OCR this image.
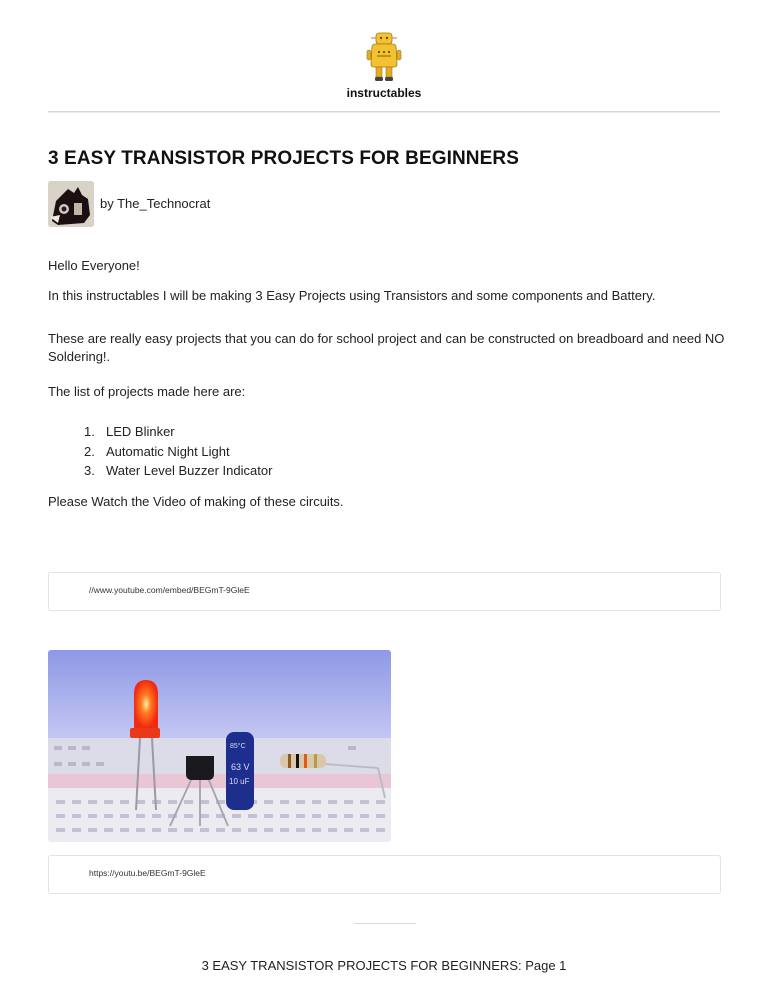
instructables
3 EASY TRANSISTOR PROJECTS FOR BEGINNERS
by The_Technocrat

Hello Everyone!

In this instructables I will be making 3 Easy Projects using Transistors and some components and Battery.

These are really easy projects that you can do for school project and can be constructed on breadboard and need NO Soldering!.

The list of projects made here are:

1. LED Blinker
2. Automatic Night Light
3. Water Level Buzzer Indicator

Please Watch the Video of making of these circuits.

//www.youtube.com/embed/BEGmT-9GleE
85°C
63 V
10 uF
https://youtu.be/BEGmT-9GleE
3 EASY TRANSISTOR PROJECTS FOR BEGINNERS: Page 1
